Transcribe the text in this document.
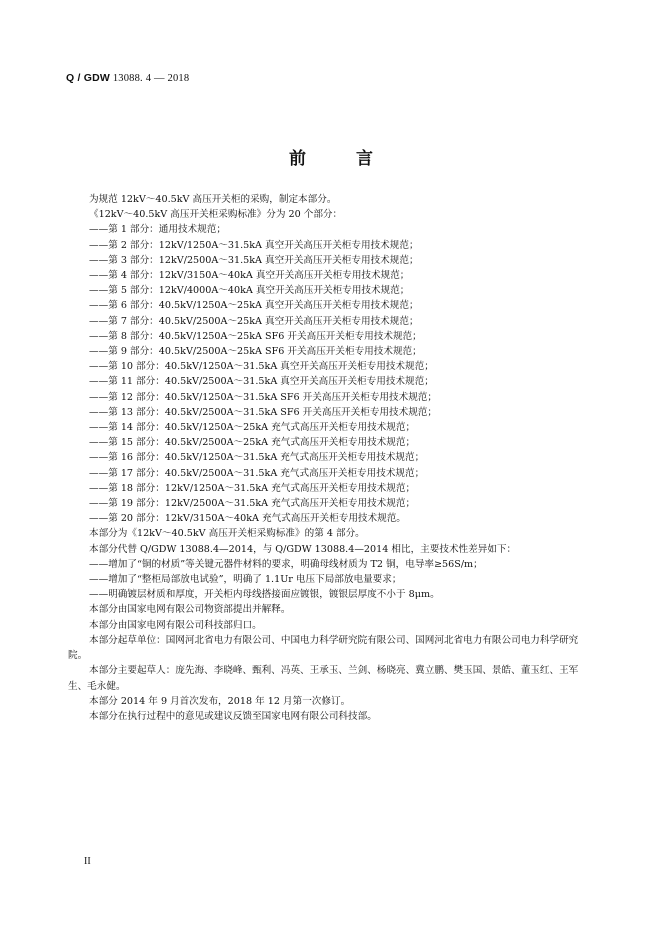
Q / GDW 13088. 4 — 2018
前 言
为规范 12kV～40.5kV 高压开关柜的采购，制定本部分。
《12kV～40.5kV 高压开关柜采购标准》分为 20 个部分：
——第 1 部分：通用技术规范；
——第 2 部分：12kV/1250A～31.5kA 真空开关高压开关柜专用技术规范；
——第 3 部分：12kV/2500A～31.5kA 真空开关高压开关柜专用技术规范；
——第 4 部分：12kV/3150A～40kA 真空开关高压开关柜专用技术规范；
——第 5 部分：12kV/4000A～40kA 真空开关高压开关柜专用技术规范；
——第 6 部分：40.5kV/1250A～25kA 真空开关高压开关柜专用技术规范；
——第 7 部分：40.5kV/2500A～25kA 真空开关高压开关柜专用技术规范；
——第 8 部分：40.5kV/1250A～25kA SF6 开关高压开关柜专用技术规范；
——第 9 部分：40.5kV/2500A～25kA SF6 开关高压开关柜专用技术规范；
——第 10 部分：40.5kV/1250A～31.5kA 真空开关高压开关柜专用技术规范；
——第 11 部分：40.5kV/2500A～31.5kA 真空开关高压开关柜专用技术规范；
——第 12 部分：40.5kV/1250A～31.5kA SF6 开关高压开关柜专用技术规范；
——第 13 部分：40.5kV/2500A～31.5kA SF6 开关高压开关柜专用技术规范；
——第 14 部分：40.5kV/1250A～25kA 充气式高压开关柜专用技术规范；
——第 15 部分：40.5kV/2500A～25kA 充气式高压开关柜专用技术规范；
——第 16 部分：40.5kV/1250A～31.5kA 充气式高压开关柜专用技术规范；
——第 17 部分：40.5kV/2500A～31.5kA 充气式高压开关柜专用技术规范；
——第 18 部分：12kV/1250A～31.5kA 充气式高压开关柜专用技术规范；
——第 19 部分：12kV/2500A～31.5kA 充气式高压开关柜专用技术规范；
——第 20 部分：12kV/3150A～40kA 充气式高压开关柜专用技术规范。
本部分为《12kV～40.5kV 高压开关柜采购标准》的第 4 部分。
本部分代替 Q/GDW 13088.4—2014，与 Q/GDW 13088.4—2014 相比，主要技术性差异如下：
——增加了“铜的材质”等关键元器件材料的要求，明确母线材质为 T2 铜，电导率≥56S/m；
——增加了“整柜局部放电试验”，明确了 1.1Ur 电压下局部放电量要求；
——明确镀层材质和厚度，开关柜内母线搭接面应镀银，镀银层厚度不小于 8μm。
本部分由国家电网有限公司物资部提出并解释。
本部分由国家电网有限公司科技部归口。
本部分起草单位：国网河北省电力有限公司、中国电力科学研究院有限公司、国网河北省电力有限公司电力科学研究院。
本部分主要起草人：庞先海、李晓峰、甄利、冯英、王承玉、兰剑、杨晓亮、冀立鹏、樊玉国、景皓、董玉红、王军生、毛永健。
本部分 2014 年 9 月首次发布，2018 年 12 月第一次修订。
本部分在执行过程中的意见或建议反馈至国家电网有限公司科技部。
II
